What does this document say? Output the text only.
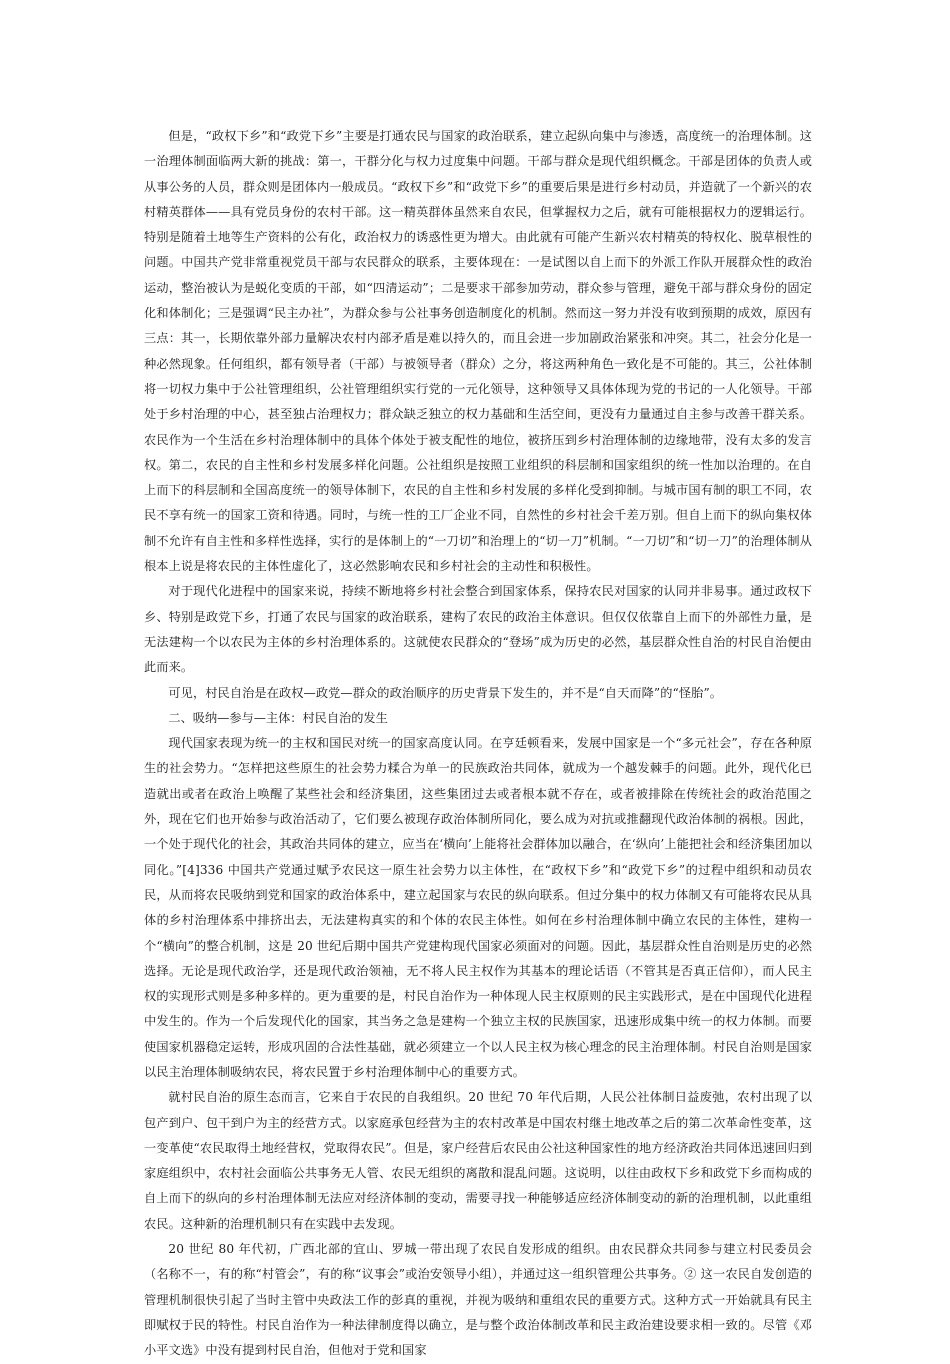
但是，“政权下乡”和“政党下乡”主要是打通农民与国家的政治联系，建立起纵向集中与渗透，高度统一的治理体制。这一治理体制面临两大新的挑战：第一，干群分化与权力过度集中问题。干部与群众是现代组织概念。干部是团体的负责人或从事公务的人员，群众则是团体内一般成员。“政权下乡”和“政党下乡”的重要后果是进行乡村动员，并造就了一个新兴的农村精英群体——具有党员身份的农村干部。这一精英群体虽然来自农民，但掌握权力之后，就有可能根据权力的逻辑运行。特别是随着土地等生产资料的公有化，政治权力的诱惑性更为增大。由此就有可能产生新兴农村精英的特权化、脱草根性的问题。中国共产党非常重视党员干部与农民群众的联系，主要体现在：一是试图以自上而下的外派工作队开展群众性的政治运动，整治被认为是蜕化变质的干部，如“四清运动”；二是要求干部参加劳动，群众参与管理，避免干部与群众身份的固定化和体制化；三是强调“民主办社”，为群众参与公社事务创造制度化的机制。然而这一努力并没有收到预期的成效，原因有三点：其一，长期依靠外部力量解决农村内部矛盾是难以持久的，而且会进一步加剧政治紧张和冲突。其二，社会分化是一种必然现象。任何组织，都有领导者（干部）与被领导者（群众）之分，将这两种角色一致化是不可能的。其三，公社体制将一切权力集中于公社管理组织，公社管理组织实行党的一元化领导，这种领导又具体体现为党的书记的一人化领导。干部处于乡村治理的中心，甚至独占治理权力；群众缺乏独立的权力基础和生活空间，更没有力量通过自主参与改善干群关系。农民作为一个生活在乡村治理体制中的具体个体处于被支配性的地位，被挤压到乡村治理体制的边缘地带，没有太多的发言权。第二，农民的自主性和乡村发展多样化问题。公社组织是按照工业组织的科层制和国家组织的统一性加以治理的。在自上而下的科层制和全国高度统一的领导体制下，农民的自主性和乡村发展的多样化受到抑制。与城市国有制的职工不同，农民不享有统一的国家工资和待遇。同时，与统一性的工厂企业不同，自然性的乡村社会千差万别。但自上而下的纵向集权体制不允许有自主性和多样性选择，实行的是体制上的“一刀切”和治理上的“切一刀”机制。“一刀切”和“切一刀”的治理体制从根本上说是将农民的主体性虚化了，这必然影响农民和乡村社会的主动性和积极性。

对于现代化进程中的国家来说，持续不断地将乡村社会整合到国家体系，保持农民对国家的认同并非易事。通过政权下乡、特别是政党下乡，打通了农民与国家的政治联系，建构了农民的政治主体意识。但仅仅依靠自上而下的外部性力量，是无法建构一个以农民为主体的乡村治理体系的。这就使农民群众的“登场”成为历史的必然，基层群众性自治的村民自治便由此而来。

可见，村民自治是在政权—政党—群众的政治顺序的历史背景下发生的，并不是“自天而降”的“怪胎”。

二、吸纳—参与—主体：村民自治的发生

现代国家表现为统一的主权和国民对统一的国家高度认同。在亨廷顿看来，发展中国家是一个“多元社会”，存在各种原生的社会势力。“怎样把这些原生的社会势力糅合为单一的民族政治共同体，就成为一个越发棘手的问题。此外，现代化已造就出或者在政治上唤醒了某些社会和经济集团，这些集团过去或者根本就不存在，或者被排除在传统社会的政治范围之外，现在它们也开始参与政治活动了，它们要么被现存政治体制所同化，要么成为对抗或推翻现代政治体制的祸根。因此，一个处于现代化的社会，其政治共同体的建立，应当在‘横向’上能将社会群体加以融合，在‘纵向’上能把社会和经济集团加以同化。”[4]336 中国共产党通过赋予农民这一原生社会势力以主体性，在“政权下乡”和“政党下乡”的过程中组织和动员农民，从而将农民吸纳到党和国家的政治体系中，建立起国家与农民的纵向联系。但过分集中的权力体制又有可能将农民从具体的乡村治理体系中排挤出去，无法建构真实的和个体的农民主体性。如何在乡村治理体制中确立农民的主体性，建构一个“横向”的整合机制，这是 20 世纪后期中国共产党建构现代国家必须面对的问题。因此，基层群众性自治则是历史的必然选择。无论是现代政治学，还是现代政治领袖，无不将人民主权作为其基本的理论话语（不管其是否真正信仰），而人民主权的实现形式则是多种多样的。更为重要的是，村民自治作为一种体现人民主权原则的民主实践形式，是在中国现代化进程中发生的。作为一个后发现代化的国家，其当务之急是建构一个独立主权的民族国家，迅速形成集中统一的权力体制。而要使国家机器稳定运转，形成巩固的合法性基础，就必须建立一个以人民主权为核心理念的民主治理体制。村民自治则是国家以民主治理体制吸纳农民，将农民置于乡村治理体制中心的重要方式。

就村民自治的原生态而言，它来自于农民的自我组织。20 世纪 70 年代后期，人民公社体制日益废弛，农村出现了以包产到户、包干到户为主的经营方式。以家庭承包经营为主的农村改革是中国农村继土地改革之后的第二次革命性变革，这一变革使“农民取得土地经营权，党取得农民”。但是，家户经营后农民由公社这种国家性的地方经济政治共同体迅速回归到家庭组织中，农村社会面临公共事务无人管、农民无组织的离散和混乱问题。这说明，以往由政权下乡和政党下乡而构成的自上而下的纵向的乡村治理体制无法应对经济体制的变动，需要寻找一种能够适应经济体制变动的新的治理机制，以此重组农民。这种新的治理机制只有在实践中去发现。

20 世纪 80 年代初，广西北部的宜山、罗城一带出现了农民自发形成的组织。由农民群众共同参与建立村民委员会（名称不一，有的称“村管会”，有的称“议事会”或治安领导小组），并通过这一组织管理公共事务。② 这一农民自发创造的管理机制很快引起了当时主管中央政法工作的彭真的重视，并视为吸纳和重组农民的重要方式。这种方式一开始就具有民主即赋权于民的特性。村民自治作为一种法律制度得以确立，是与整个政治体制改革和民主政治建设要求相一致的。尽管《邓小平文选》中没有提到村民自治，但他对于党和国家
